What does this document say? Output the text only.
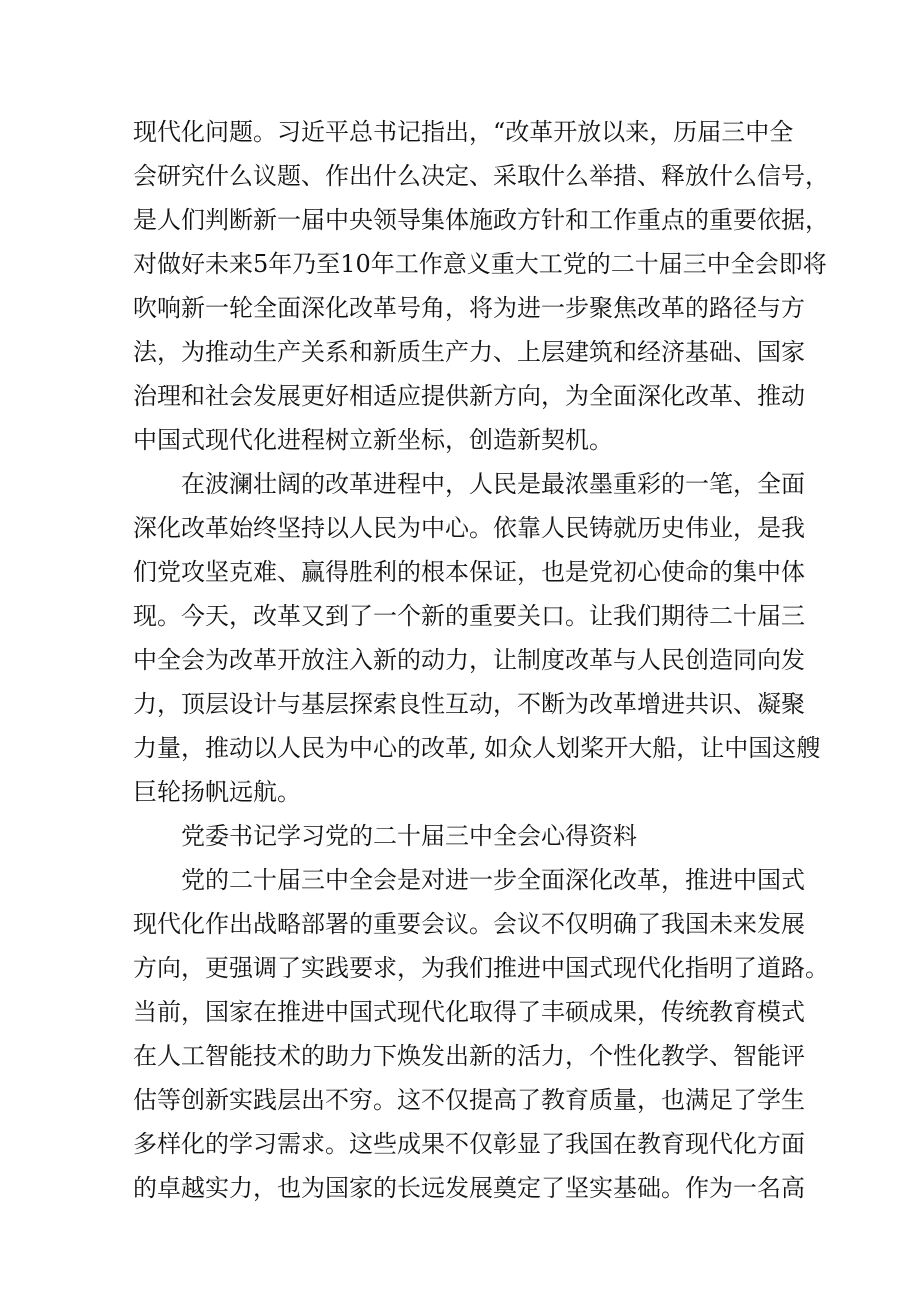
现代化问题。习近平总书记指出，“改革开放以来，历届三中全
会研究什么议题、作出什么决定、采取什么举措、释放什么信号，
是人们判断新一届中央领导集体施政方针和工作重点的重要依据，
对做好未来5年乃至10年工作意义重大工党的二十届三中全会即将
吹响新一轮全面深化改革号角，将为进一步聚焦改革的路径与方
法，为推动生产关系和新质生产力、上层建筑和经济基础、国家
治理和社会发展更好相适应提供新方向，为全面深化改革、推动
中国式现代化进程树立新坐标，创造新契机。
在波澜壮阔的改革进程中，人民是最浓墨重彩的一笔，全面
深化改革始终坚持以人民为中心。依靠人民铸就历史伟业，是我
们党攻坚克难、赢得胜利的根本保证，也是党初心使命的集中体
现。今天，改革又到了一个新的重要关口。让我们期待二十届三
中全会为改革开放注入新的动力，让制度改革与人民创造同向发
力，顶层设计与基层探索良性互动，不断为改革增进共识、凝聚
力量，推动以人民为中心的改革, 如众人划桨开大船，让中国这艘
巨轮扬帆远航。
党委书记学习党的二十届三中全会心得资料
党的二十届三中全会是对进一步全面深化改革，推进中国式
现代化作出战略部署的重要会议。会议不仅明确了我国未来发展
方向，更强调了实践要求，为我们推进中国式现代化指明了道路。
当前，国家在推进中国式现代化取得了丰硕成果，传统教育模式
在人工智能技术的助力下焕发出新的活力，个性化教学、智能评
估等创新实践层出不穷。这不仅提高了教育质量，也满足了学生
多样化的学习需求。这些成果不仅彰显了我国在教育现代化方面
的卓越实力，也为国家的长远发展奠定了坚实基础。作为一名高
